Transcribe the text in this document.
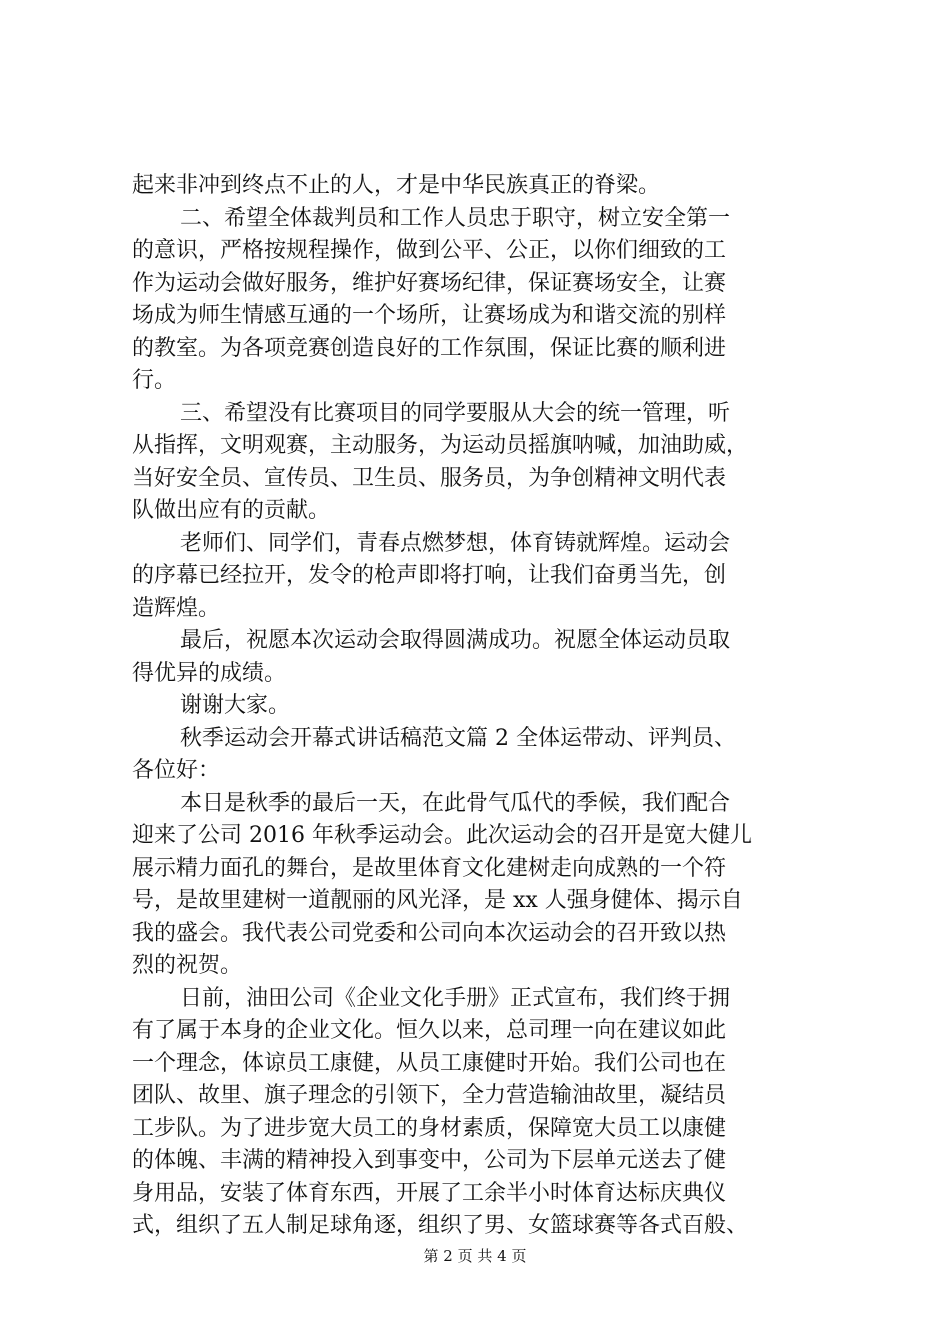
起来非冲到终点不止的人，才是中华民族真正的脊梁。
二、希望全体裁判员和工作人员忠于职守，树立安全第一
的意识，严格按规程操作，做到公平、公正，以你们细致的工
作为运动会做好服务，维护好赛场纪律，保证赛场安全，让赛
场成为师生情感互通的一个场所，让赛场成为和谐交流的别样
的教室。为各项竞赛创造良好的工作氛围，保证比赛的顺利进
行。
三、希望没有比赛项目的同学要服从大会的统一管理，听
从指挥，文明观赛，主动服务，为运动员摇旗呐喊，加油助威，
当好安全员、宣传员、卫生员、服务员，为争创精神文明代表
队做出应有的贡献。
老师们、同学们，青春点燃梦想，体育铸就辉煌。运动会
的序幕已经拉开，发令的枪声即将打响，让我们奋勇当先，创
造辉煌。
最后，祝愿本次运动会取得圆满成功。祝愿全体运动员取
得优异的成绩。
谢谢大家。
秋季运动会开幕式讲话稿范文篇 2 全体运带动、评判员、
各位好：
本日是秋季的最后一天，在此骨气瓜代的季候，我们配合
迎来了公司 2016 年秋季运动会。此次运动会的召开是宽大健儿
展示精力面孔的舞台，是故里体育文化建树走向成熟的一个符
号，是故里建树一道靓丽的风光泽，是 xx 人强身健体、揭示自
我的盛会。我代表公司党委和公司向本次运动会的召开致以热
烈的祝贺。
日前，油田公司《企业文化手册》正式宣布，我们终于拥
有了属于本身的企业文化。恒久以来，总司理一向在建议如此
一个理念，体谅员工康健，从员工康健时开始。我们公司也在
团队、故里、旗子理念的引领下，全力营造输油故里，凝结员
工步队。为了进步宽大员工的身材素质，保障宽大员工以康健
的体魄、丰满的精神投入到事变中，公司为下层单元送去了健
身用品，安装了体育东西，开展了工余半小时体育达标庆典仪
式，组织了五人制足球角逐，组织了男、女篮球赛等各式百般、
第 2 页 共 4 页
